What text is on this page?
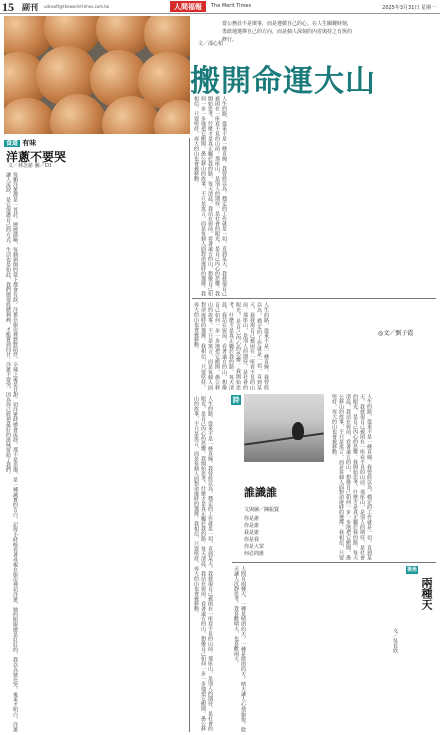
15 副刊 udnsoft@theworld-times.com.tw	人間福報	The Merit Times	2025年3月31日 星期一
當公務員不是壞事，而是遵循自己的心。在人生關鍵時刻，勇敢地選擇自己的方向，而是個人深刻的內省與持之有恆的修行。
文／邵心柏
搬開命運大山
人生的路，從來不是一條直線。我曾經以為，穩定的工作就是一切，直到某天，我發現自己被困在一座看不見的山前。那座山，是別人的期待，是社會的眼光，是自己內心的恐懼。我開始思考，什麼才是真正屬於我的路。每天清晨，我站在窗前，看著遠方的山，想像自己如何一步一步地把它搬開。愚公移山的故事，不只是寓言，而是每個人面對命運時的選擇。我相信，只要堅持，再大的山也會被移動。
人生的路，從來不是一條直線。我曾經以為，穩定的工作就是一切，直到某天，我發現自己被困在一座看不見的山前。那座山，是別人的期待，是社會的眼光，是自己內心的恐懼。我開始思考，什麼才是真正屬於我的路。每天清晨，我站在窗前，看著遠方的山，想像自己如何一步一步地把它搬開。愚公移山的故事，不只是寓言，而是每個人面對命運時的選擇。我相信，只要堅持，再大的山也會被移動。	◎文／劉子霞
人生的路，從來不是一條直線。我曾經以為，穩定的工作就是一切，直到某天，我發現自己被困在一座看不見的山前。那座山，是別人的期待，是社會的眼光，是自己內心的恐懼。我開始思考，什麼才是真正屬於我的路。每天清晨，我站在窗前，看著遠方的山，想像自己如何一步一步地把它搬開。愚公移山的故事，不只是寓言，而是每個人面對命運時的選擇。我相信，只要堅持，再大的山也會被移動。
食道 有味
洋蔥不要哭
文／林念慈 圖／CII
每顆洋蔥都是一首詩，層層隱喻，每個剝開的當下都會有淚。洋蔥在廚房裡默默陪伴，辛辣之後是甘甜。切洋蔥時總會流淚，那不是悲傷，是一種誠實的告白。記得小時候看著母親在廚房裡切洋蔥，她的眼眶總是紅紅的，我以為她在哭。後來才明白，洋蔥讓人流淚，是它保護自己的方式。生活也是如此，我們總要經歷刺痛，才能嘗到回甘。洋蔥不要哭，因為你已經把最好的滋味留給了我們。	詩
誰識誰
文與圖／陳振賢
你是誰
你是誰
我是誰
你是我
你是大眾
何必問誰	人生的路，從來不是一條直線。我曾經以為，穩定的工作就是一切，直到某天，我發現自己被困在一座看不見的山前。那座山，是別人的期待，是社會的眼光，是自己內心的恐懼。我開始思考，什麼才是真正屬於我的路。每天清晨，我站在窗前，看著遠方的山，想像自己如何一步一步地把它搬開。愚公移山的故事，不只是寓言，而是每個人面對命運時的選擇。我相信，只要堅持，再大的山也會被移動。
視角
兩種天
文／吳長欣
人間有兩種天，一種是晴朗的天，一種是陰雨的天。晴天讓人心情愉悅，陰天讓人沉靜思考。我喜歡晴天，也喜歡雨天。
